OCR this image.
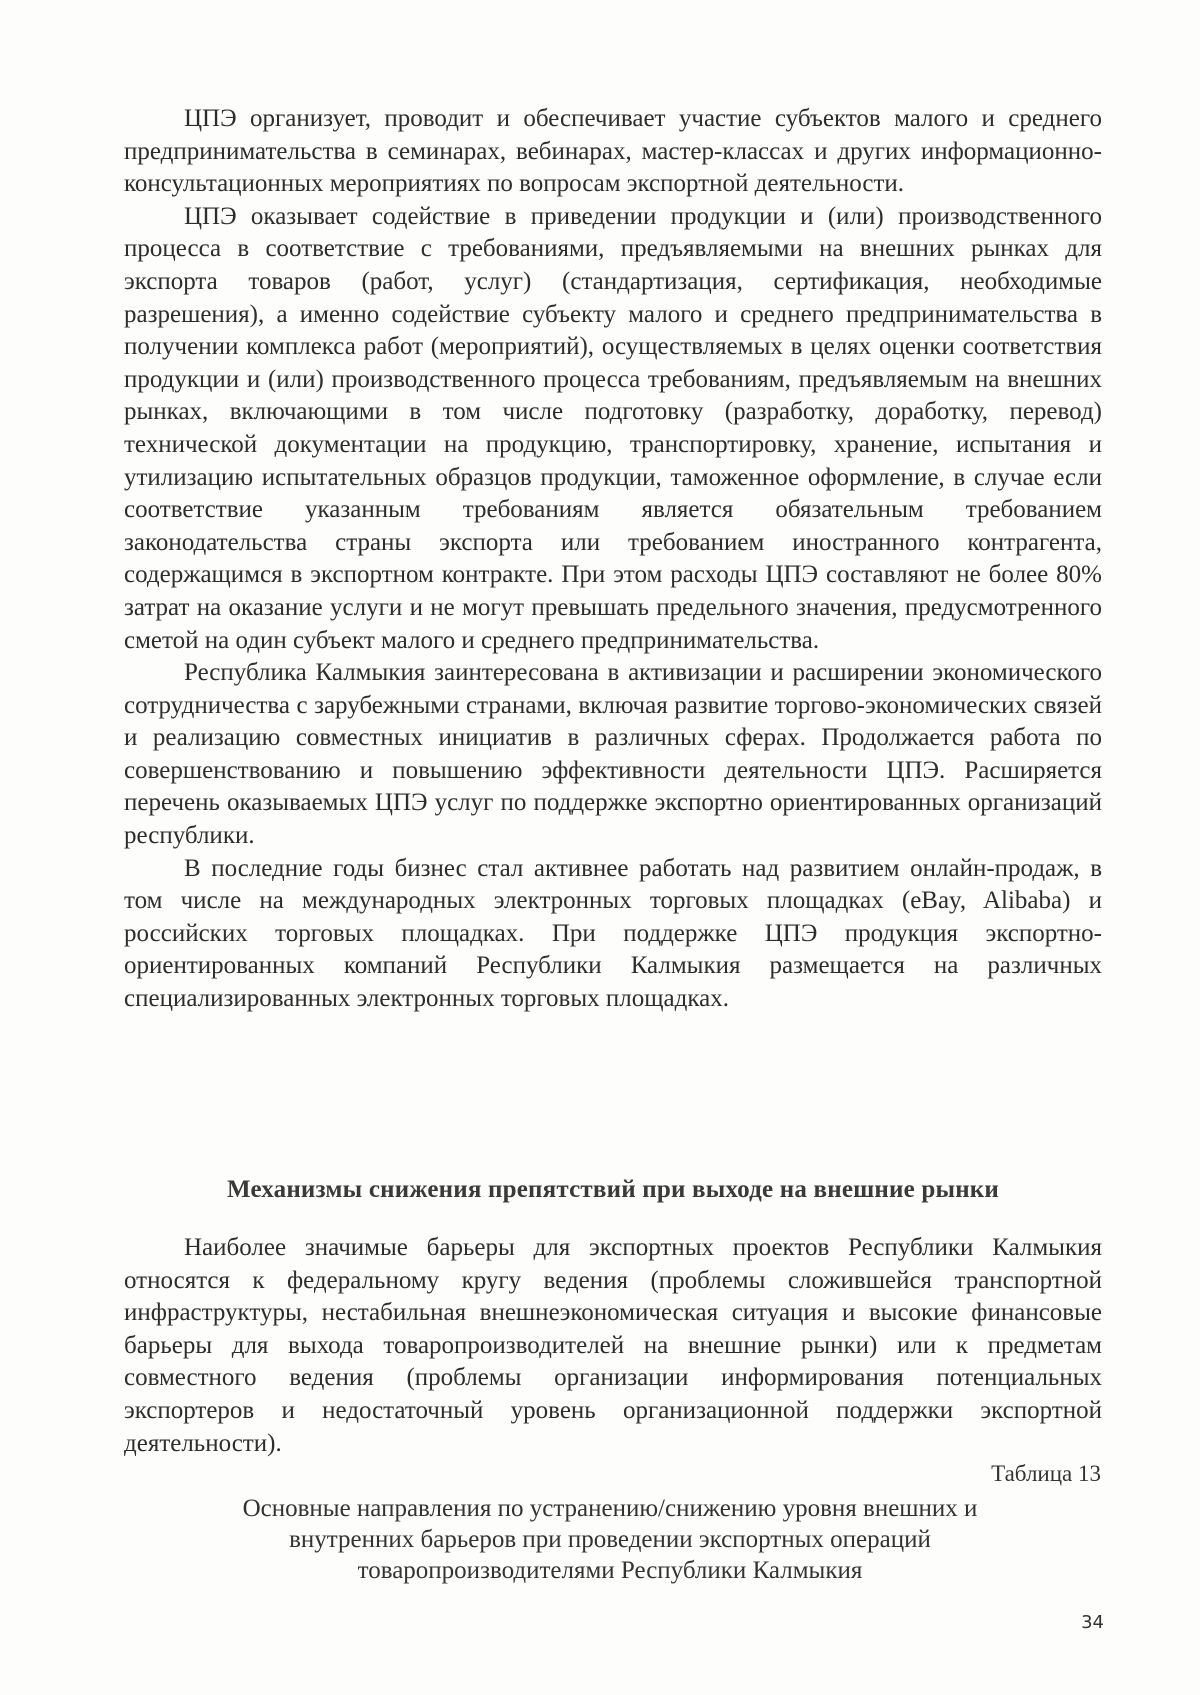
ЦПЭ организует, проводит и обеспечивает участие субъектов малого и среднего предпринимательства в семинарах, вебинарах, мастер-классах и других информационно-консультационных мероприятиях по вопросам экспортной деятельности.

ЦПЭ оказывает содействие в приведении продукции и (или) производственного процесса в соответствие с требованиями, предъявляемыми на внешних рынках для экспорта товаров (работ, услуг) (стандартизация, сертификация, необходимые разрешения), а именно содействие субъекту малого и среднего предпринимательства в получении комплекса работ (мероприятий), осуществляемых в целях оценки соответствия продукции и (или) производственного процесса требованиям, предъявляемым на внешних рынках, включающими в том числе подготовку (разработку, доработку, перевод) технической документации на продукцию, транспортировку, хранение, испытания и утилизацию испытательных образцов продукции, таможенное оформление, в случае если соответствие указанным требованиям является обязательным требованием законодательства страны экспорта или требованием иностранного контрагента, содержащимся в экспортном контракте. При этом расходы ЦПЭ составляют не более 80% затрат на оказание услуги и не могут превышать предельного значения, предусмотренного сметой на один субъект малого и среднего предпринимательства.

Республика Калмыкия заинтересована в активизации и расширении экономического сотрудничества с зарубежными странами, включая развитие торгово-экономических связей и реализацию совместных инициатив в различных сферах. Продолжается работа по совершенствованию и повышению эффективности деятельности ЦПЭ. Расширяется перечень оказываемых ЦПЭ услуг по поддержке экспортно ориентированных организаций республики.

В последние годы бизнес стал активнее работать над развитием онлайн-продаж, в том числе на международных электронных торговых площадках (eBay, Alibaba) и российских торговых площадках. При поддержке ЦПЭ продукция экспортно-ориентированных компаний Республики Калмыкия размещается на различных специализированных электронных торговых площадках.

Механизмы снижения препятствий при выходе на внешние рынки

Наиболее значимые барьеры для экспортных проектов Республики Калмыкия относятся к федеральному кругу ведения (проблемы сложившейся транспортной инфраструктуры, нестабильная внешнеэкономическая ситуация и высокие финансовые барьеры для выхода товаропроизводителей на внешние рынки) или к предметам совместного ведения (проблемы организации информирования потенциальных экспортеров и недостаточный уровень организационной поддержки экспортной деятельности).

Таблица 13
Основные направления по устранению/снижению уровня внешних и
внутренних барьеров при проведении экспортных операций
товаропроизводителями Республики Калмыкия
34
